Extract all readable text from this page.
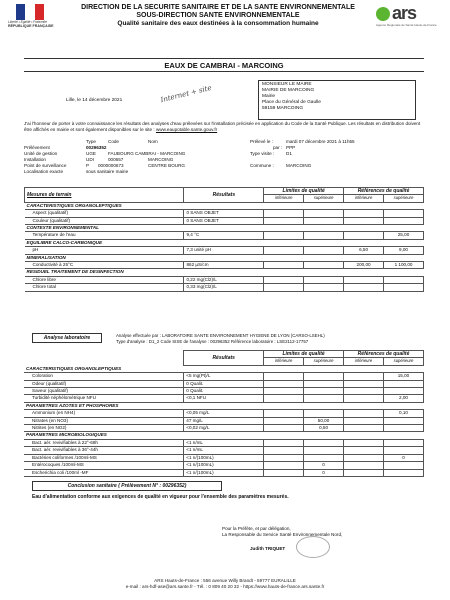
Liberté • Égalité • Fraternité
RÉPUBLIQUE FRANÇAISE
DIRECTION DE LA SECURITE SANITAIRE ET DE LA SANTE ENVIRONNEMENTALE
SOUS-DIRECTION SANTE ENVIRONNEMENTALE
Qualité sanitaire des eaux destinées à la consommation humaine
ars
Agence Régionale de Santé Hauts-de-France
EAUX DE CAMBRAI - MARCOING
MONSIEUR LE MAIRE
MAIRIE DE MARCOING
Mairie
Place du Général de Gaulle
59159 MARCOING
Lille, le 14 décembre 2021	Internet + site
J'ai l'honneur de porter à votre connaissance les résultats des analyses d'eau prélevées sur l'installation précisée en application du Code de la Santé Publique. Les résultats en distribution doivent être affichés en mairie et sont également disponibles sur le site : www.eaupotable.sante.gouv.fr
Type	Code	Nom
Prélèvement	00296352
Unité de gestion	UGE	FAUBOURG CAMBRAI - MARCOING
Installation	UDI	000657	MARCOING
Point de surveillance	P 0000000673	CENTRE BOURG
Localisation exacte	sous sanitaire mairie
Prélevé le :	mardi 07 décembre 2021 à 11h55
par : PPP
Type visite :	D1
Commune :	MARCOING
Mesures de terrain	Résultats	Limites de qualité		Références de qualité	
		inférieure	supérieure	inférieure	supérieure
CARACTERISTIQUES ORGANOLEPTIQUES					
Aspect (qualitatif)	0 SANS OBJET				
Couleur (qualitatif)	0 SANS OBJET				
CONTEXTE ENVIRONNEMENTAL					
Température de l'eau	9,4 °C				25,00
EQUILIBRE CALCO-CARBONIQUE					
pH	7,3 unité pH			6,50	9,00
MINERALISATION					
Conductivité à 25°C	862 µS/cm			200,00	1 100,00
RESIDUEL TRAITEMENT DE DESINFECTION					
Chlore libre	0,22 mg(Cl2)/L				
Chlore total	0,33 mg(Cl2)/L				
Analyse laboratoire	Analyse effectuée par : LABORATOIRE SANTE ENVIRONNEMENT HYGIENE DE LYON (CARSO-LSEHL)
Type d'analyse : D1_2 Code SISE de l'analyse : 00296352 Référence laboratoire : LSE2112-17757
	Résultats	Limites de qualité		Références de qualité	
		inférieure	supérieure	inférieure	supérieure
CARACTERISTIQUES ORGANOLEPTIQUES					
Coloration	<5 mg(Pt)/L				15,00
Odeur (qualitatif)	0 Qualit.				
Saveur (qualitatif)	0 Qualit.				
Turbidité néphélométrique NFU	<0,1 NFU				2,00
PARAMETRES AZOTES ET PHOSPHORES					
Ammonium (en NH4)	<0,05 mg/L				0,10
Nitrates (en NO3)	47 mg/L		50,00		
Nitrites (en NO2)	<0,02 mg/L		0,50		
PARAMETRES MICROBIOLOGIQUES					
Bact. aér. revivifiables à 22°-68h	<1 n/mL				
Bact. aér. revivifiables à 36°-44h	<1 n/mL				
Bactéries coliformes /100ml-MS	<1 n/(100mL)				0
Entérocoques /100ml-MS	<1 n/(100mL)		0		
Escherichia coli /100ml -MF	<1 n/(100mL)		0		
Conclusion sanitaire ( Prélèvement N° : 00296352)
Eau d'alimentation conforme aux exigences de qualité en vigueur pour l'ensemble des paramètres mesurés.
Pour la Préfète, et par délégation,
La Responsable du Service Santé Environnementale Nord,
Judith TRIQUET
ARS Hauts-de-France : 556 avenue Willy Brandt - 59777 EURALILLE
e-mail : ars-hdf-ase@ars.sante.fr - Tél. : 0 809 40 20 32 - https://www.hauts-de-france.ars.sante.fr
